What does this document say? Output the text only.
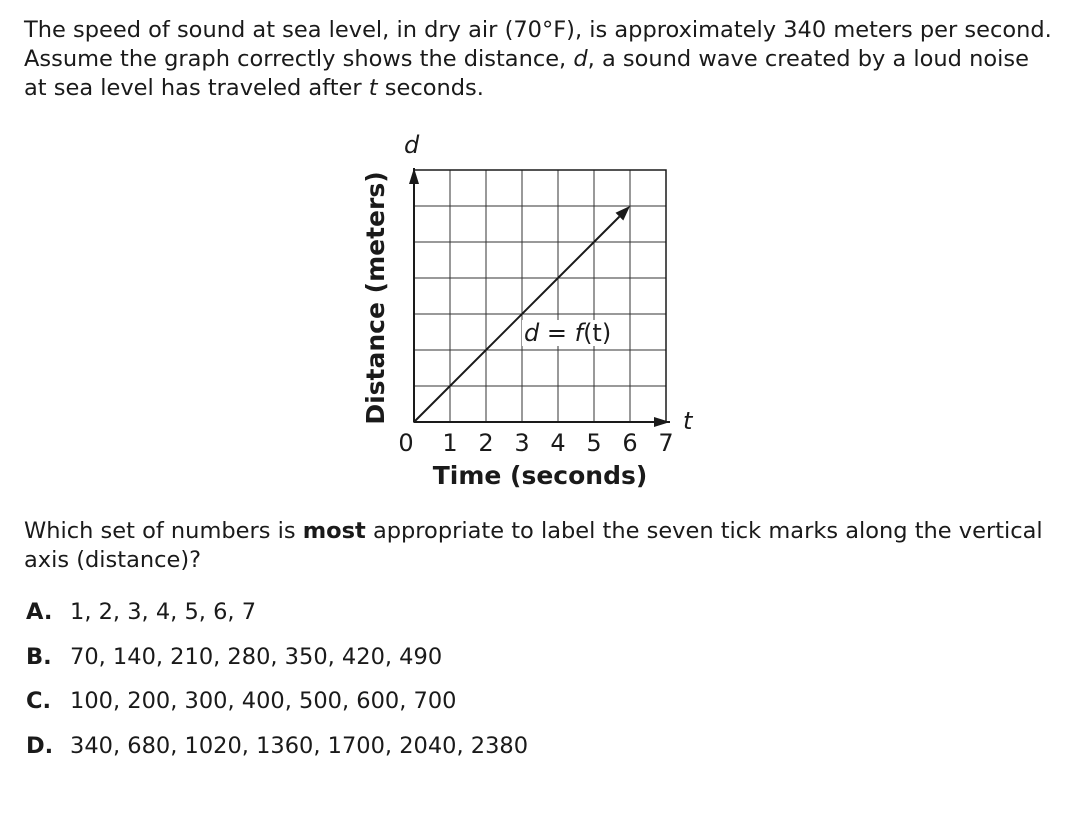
The speed of sound at sea level, in dry air (70°F), is approximately 340 meters per second. Assume the graph correctly shows the distance, d, a sound wave created by a loud noise at sea level has traveled after t seconds.

0 1 2 3 4 5 6 7
d
t
Time (seconds)
Distance (meters)	d = f(t)

Which set of numbers is most appropriate to label the seven tick marks along the vertical axis (distance)?

A. 1, 2, 3, 4, 5, 6, 7
B. 70, 140, 210, 280, 350, 420, 490
C. 100, 200, 300, 400, 500, 600, 700
D. 340, 680, 1020, 1360, 1700, 2040, 2380
